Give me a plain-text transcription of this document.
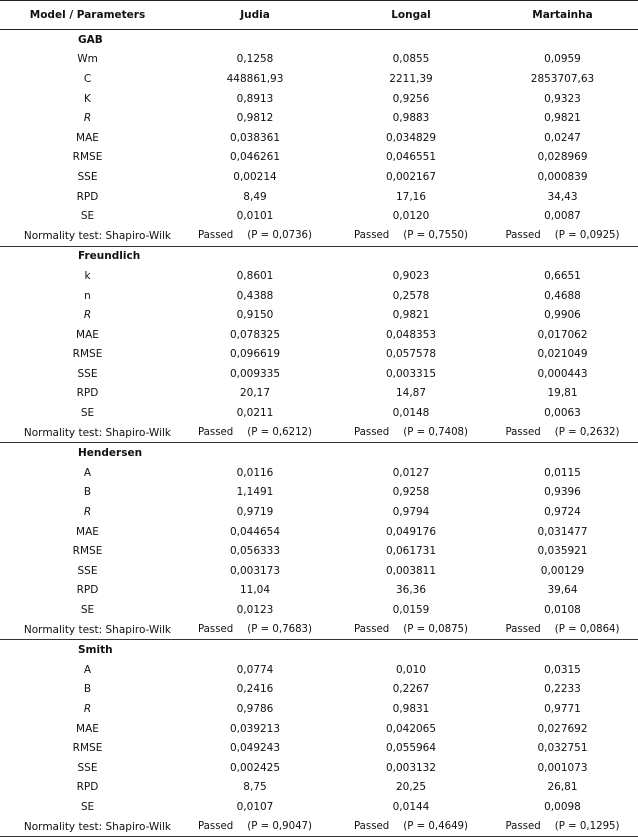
Model / Parameters	Judia	Longal	Martainha
GAB			
Wm	0,1258	0,0855	0,0959
C	448861,93	2211,39	2853707,63
K	0,8913	0,9256	0,9323
R	0,9812	0,9883	0,9821
MAE	0,038361	0,034829	0,0247
RMSE	0,046261	0,046551	0,028969
SSE	0,00214	0,002167	0,000839
RPD	8,49	17,16	34,43
SE	0,0101	0,0120	0,0087
Normality test: Shapiro-Wilk	Passed (P = 0,0736)	Passed (P = 0,7550)	Passed (P = 0,0925)
Freundlich			
k	0,8601	0,9023	0,6651
n	0,4388	0,2578	0,4688
R	0,9150	0,9821	0,9906
MAE	0,078325	0,048353	0,017062
RMSE	0,096619	0,057578	0,021049
SSE	0,009335	0,003315	0,000443
RPD	20,17	14,87	19,81
SE	0,0211	0,0148	0,0063
Normality test: Shapiro-Wilk	Passed (P = 0,6212)	Passed (P = 0,7408)	Passed (P = 0,2632)
Hendersen			
A	0,0116	0,0127	0,0115
B	1,1491	0,9258	0,9396
R	0,9719	0,9794	0,9724
MAE	0,044654	0,049176	0,031477
RMSE	0,056333	0,061731	0,035921
SSE	0,003173	0,003811	0,00129
RPD	11,04	36,36	39,64
SE	0,0123	0,0159	0,0108
Normality test: Shapiro-Wilk	Passed (P = 0,7683)	Passed (P = 0,0875)	Passed (P = 0,0864)
Smith			
A	0,0774	0,010	0,0315
B	0,2416	0,2267	0,2233
R	0,9786	0,9831	0,9771
MAE	0,039213	0,042065	0,027692
RMSE	0,049243	0,055964	0,032751
SSE	0,002425	0,003132	0,001073
RPD	8,75	20,25	26,81
SE	0,0107	0,0144	0,0098
Normality test: Shapiro-Wilk	Passed (P = 0,9047)	Passed (P = 0,4649)	Passed (P = 0,1295)
